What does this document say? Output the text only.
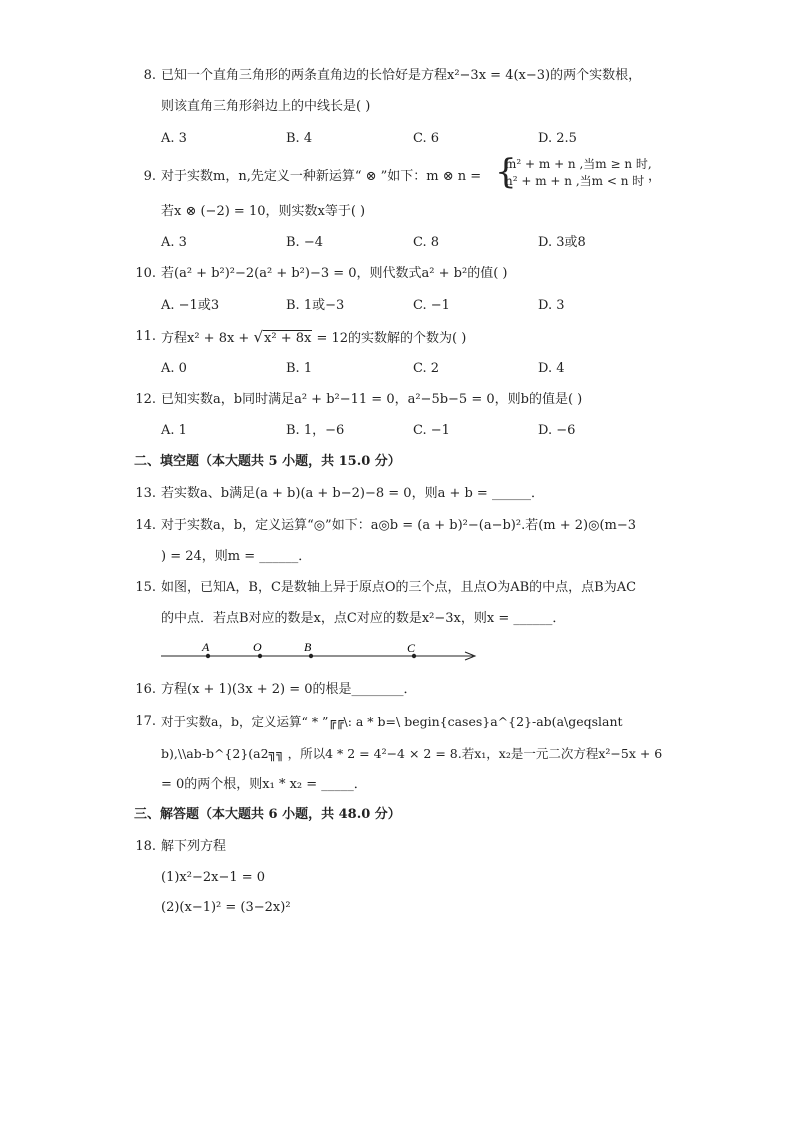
8. 已知一个直角三角形的两条直角边的长恰好是方程x²−3x = 4(x−3)的两个实数根，
则该直角三角形斜边上的中线长是( )
A. 3	B. 4	C. 6	D. 2.5
9. 对于实数m，n,先定义一种新运算“ ⊗ ”如下：m ⊗ n = {
m² + m + n ,当m ≥ n 时,
n² + m + n ,当m < n 时 ，
若x ⊗ (−2) = 10，则实数x等于( )
A. 3	B. −4	C. 8	D. 3或8
10. 若(a² + b²)²−2(a² + b²)−3 = 0，则代数式a² + b²的值( )
A. −1或3	B. 1或−3	C. −1	D. 3
11. 方程x² + 8x + √x² + 8x = 12的实数解的个数为( )
A. 0	B. 1	C. 2	D. 4
12. 已知实数a，b同时满足a² + b²−11 = 0，a²−5b−5 = 0，则b的值是( )
A. 1	B. 1，−6	C. −1	D. −6
二、填空题（本大题共 5 小题，共 15.0 分）
13. 若实数a、b满足(a + b)(a + b−2)−8 = 0，则a + b = ______．
14. 对于实数a，b，定义运算“◎”如下：a◎b = (a + b)²−(a−b)².若(m + 2)◎(m−3
) = 24，则m = ______．
15. 如图，已知A，B，C是数轴上异于原点O的三个点，且点O为AB的中点，点B为AC
的中点．若点B对应的数是x，点C对应的数是x²−3x，则x = ______．
A	O	B	C
16. 方程(x + 1)(3x + 2) = 0的根是________．
17. 对于实数a，b，定义运算“ * ”╔╔\: a * b=\ begin{cases}a^{2}-ab(a\geqslant
b),\\ab-b^{2}(a2╗╗ ，所以4 * 2 = 4²−4 × 2 = 8.若x₁，x₂是一元二次方程x²−5x + 6
= 0的两个根，则x₁ * x₂ = _____．
三、解答题（本大题共 6 小题，共 48.0 分）
18. 解下列方程
(1)x²−2x−1 = 0
(2)(x−1)² = (3−2x)²
